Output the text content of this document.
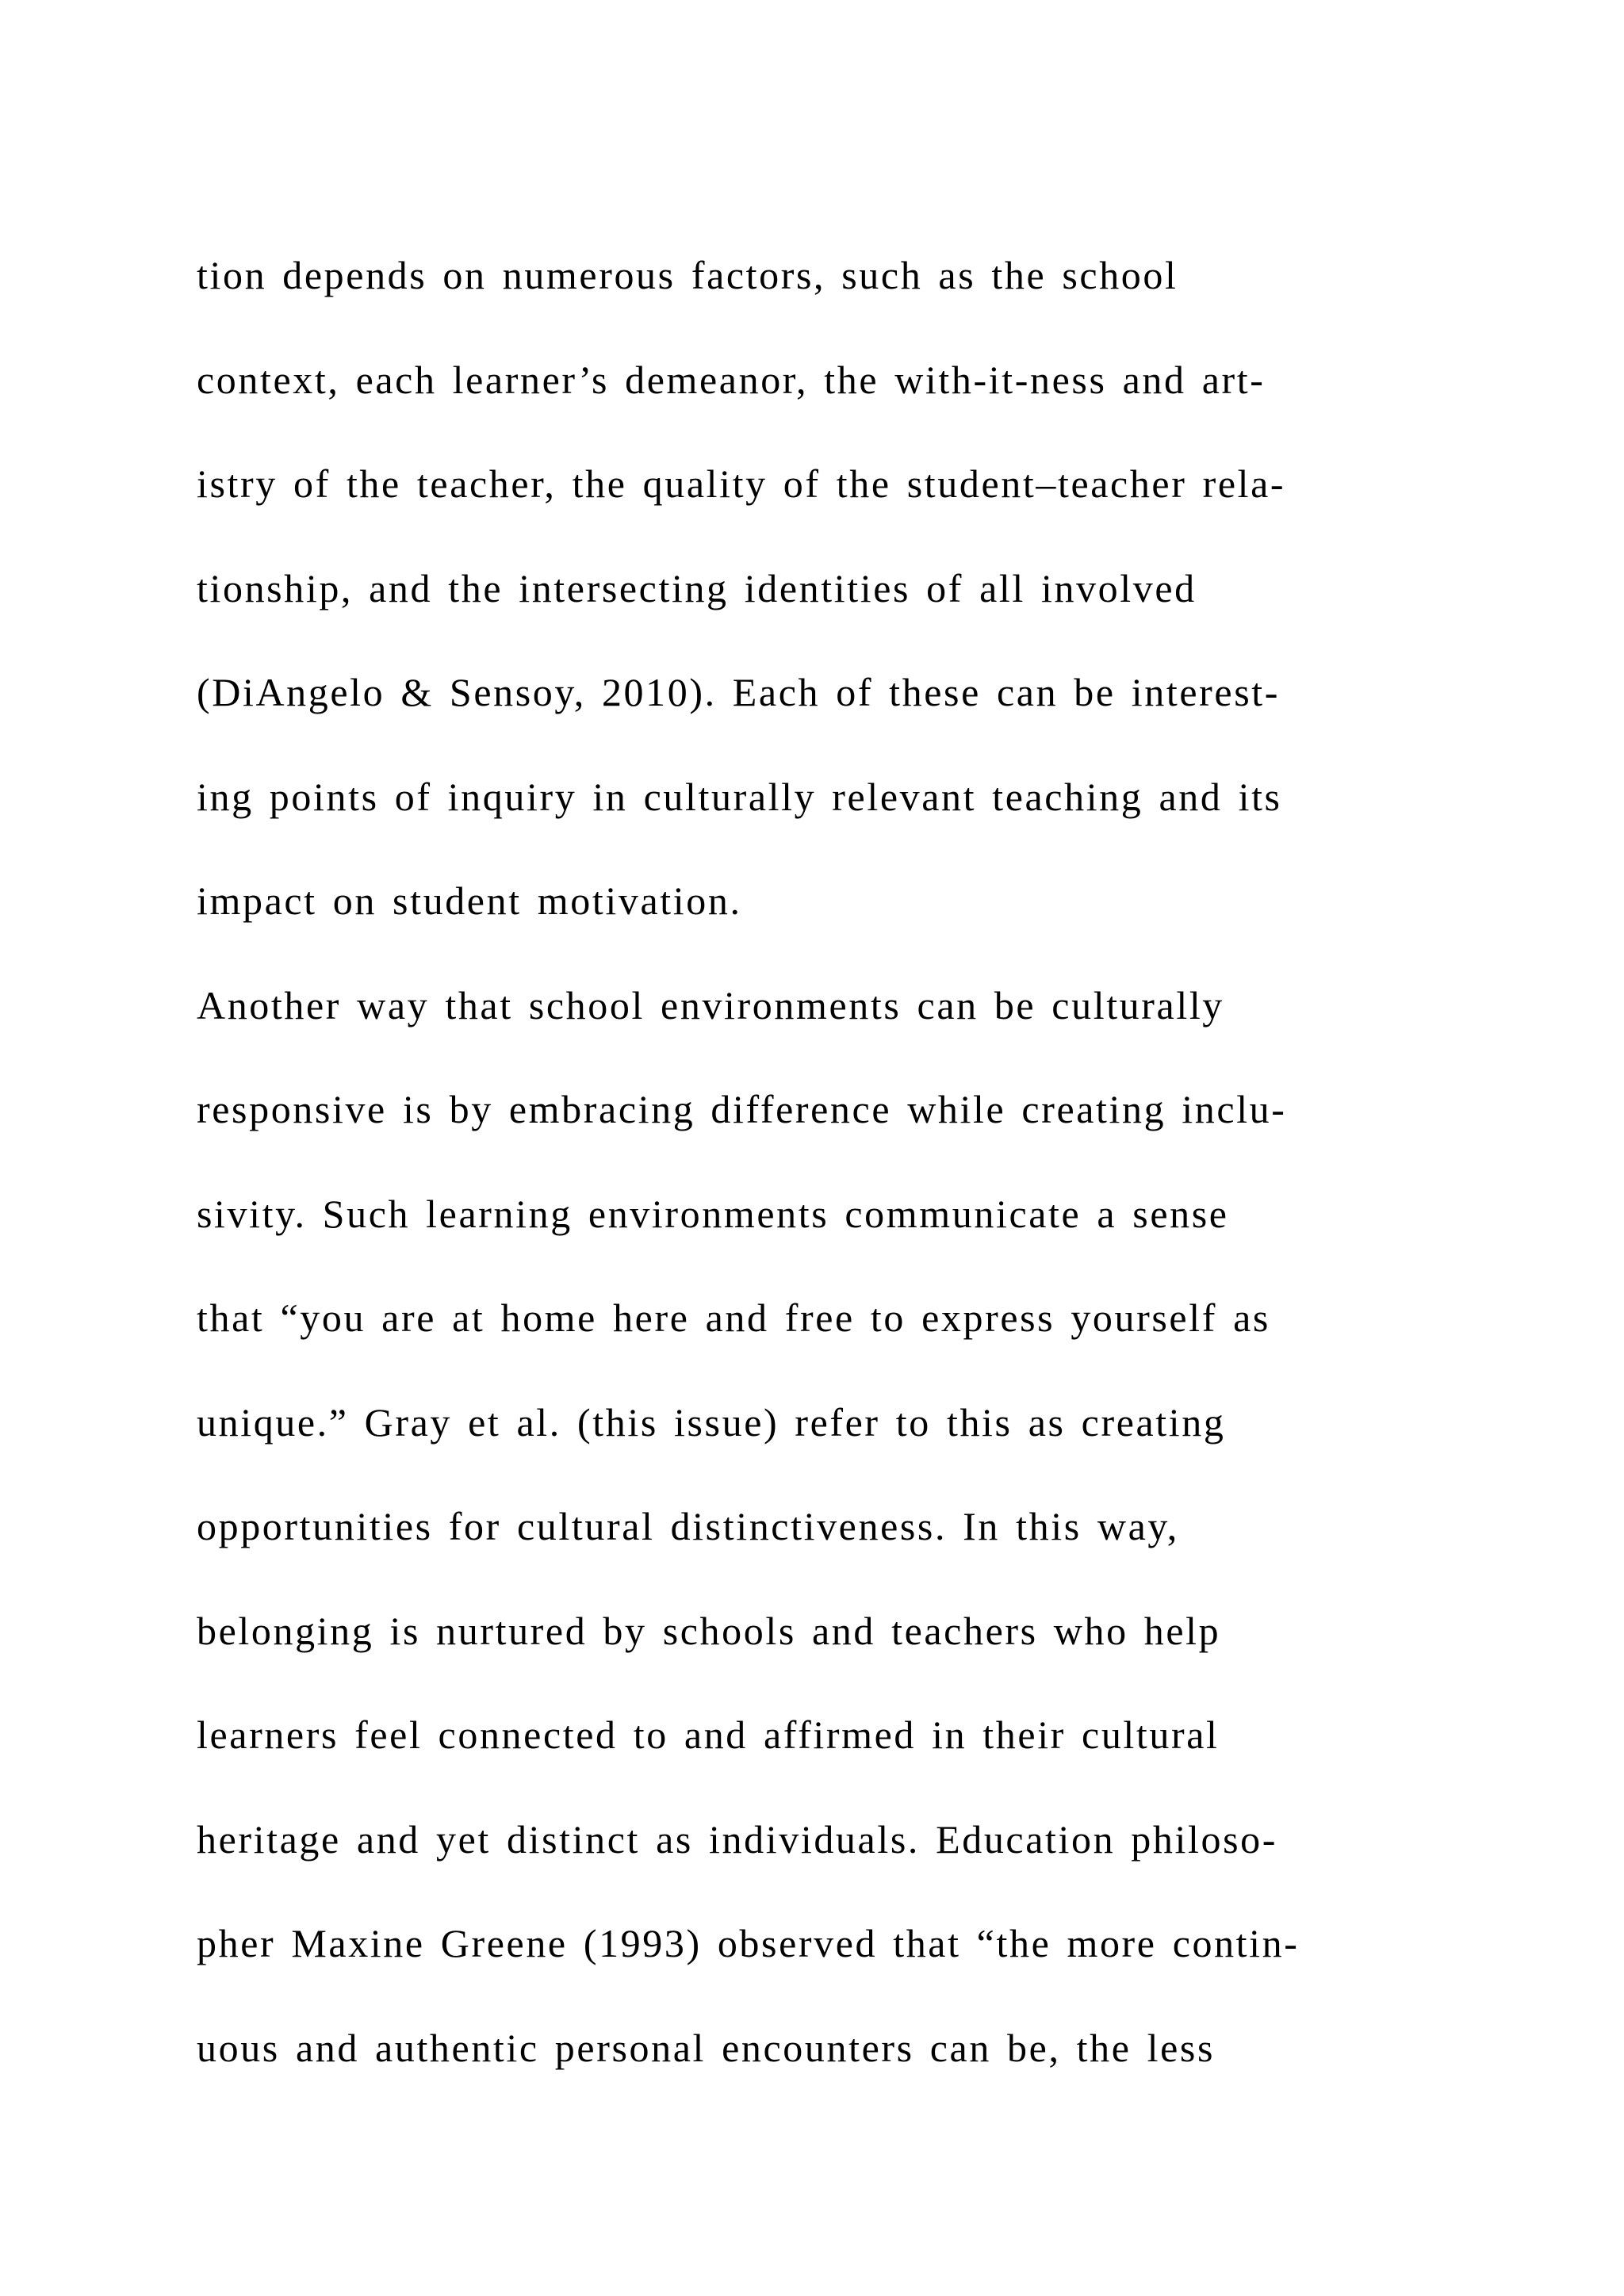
tion depends on numerous factors, such as the school
context, each learner’s demeanor, the with-it-ness and art-
istry of the teacher, the quality of the student–teacher rela-
tionship, and the intersecting identities of all involved
(DiAngelo & Sensoy, 2010). Each of these can be interest-
ing points of inquiry in culturally relevant teaching and its
impact on student motivation.
Another way that school environments can be culturally
responsive is by embracing difference while creating inclu-
sivity. Such learning environments communicate a sense
that “you are at home here and free to express yourself as
unique.” Gray et al. (this issue) refer to this as creating
opportunities for cultural distinctiveness. In this way,
belonging is nurtured by schools and teachers who help
learners feel connected to and affirmed in their cultural
heritage and yet distinct as individuals. Education philoso-
pher Maxine Greene (1993) observed that “the more contin-
uous and authentic personal encounters can be, the less
